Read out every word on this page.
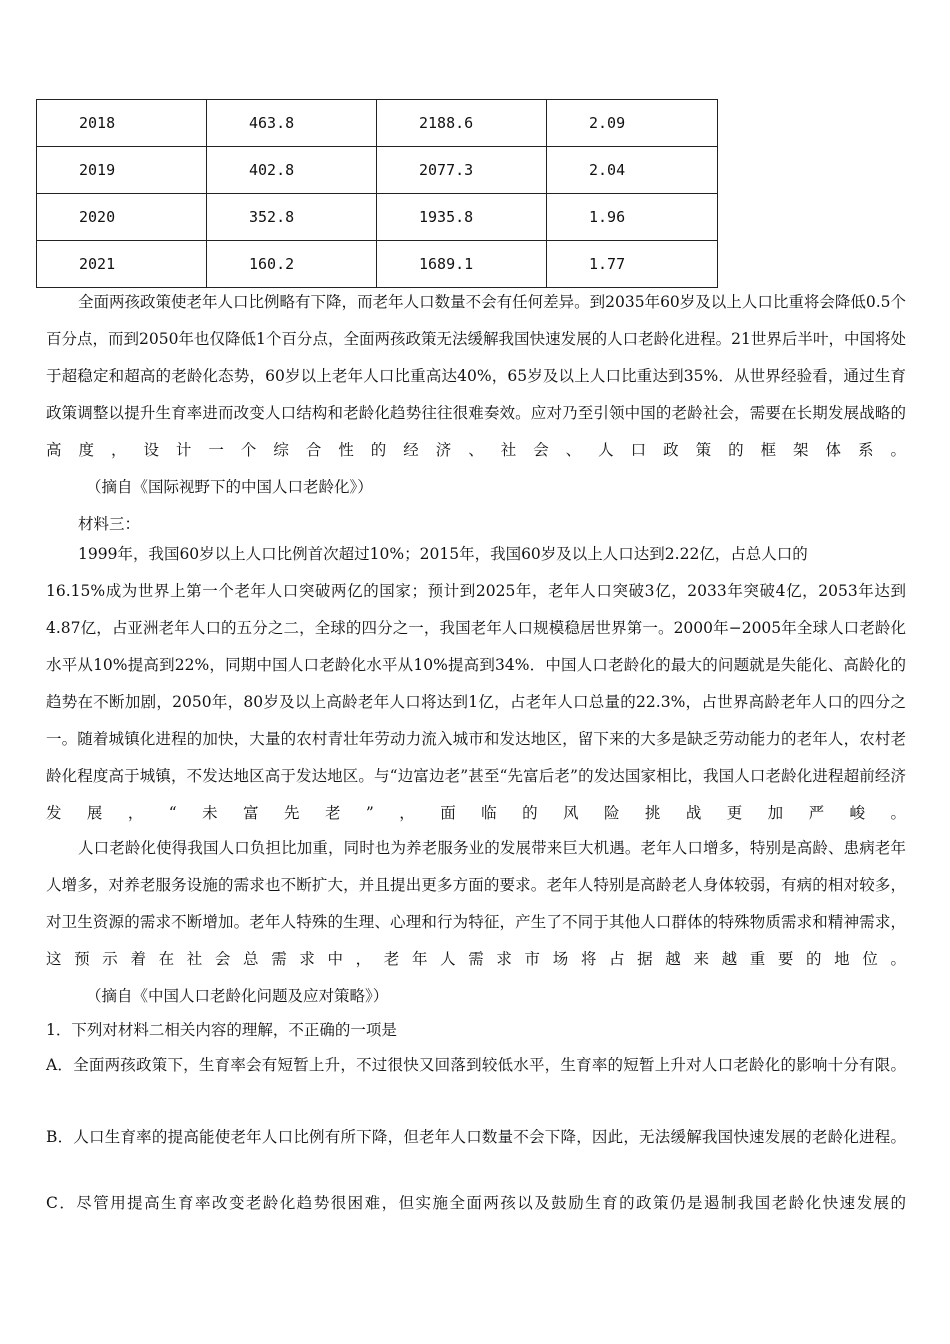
2018	463.8	2188.6	2.09
2019	402.8	2077.3	2.04
2020	352.8	1935.8	1.96
2021	160.2	1689.1	1.77

全面两孩政策使老年人口比例略有下降，而老年人口数量不会有任何差异。到2035年60岁及以上人口比重将会降低0.5个百分点，而到2050年也仅降低1个百分点，全面两孩政策无法缓解我国快速发展的人口老龄化进程。21世界后半叶，中国将处于超稳定和超高的老龄化态势，60岁以上老年人口比重高达40%，65岁及以上人口比重达到35%．从世界经验看，通过生育政策调整以提升生育率进而改变人口结构和老龄化趋势往往很难奏效。应对乃至引领中国的老龄社会，需要在长期发展战略的高度，设计一个综合性的经济、社会、人口政策的框架体系。

（摘自《国际视野下的中国人口老龄化》）

材料三：

1999年，我国60岁以上人口比例首次超过10%；2015年，我国60岁及以上人口达到2.22亿，占总人口的

16.15%成为世界上第一个老年人口突破两亿的国家；预计到2025年，老年人口突破3亿，2033年突破4亿，2053年达到4.87亿，占亚洲老年人口的五分之二，全球的四分之一，我国老年人口规模稳居世界第一。2000年−2005年全球人口老龄化水平从10%提高到22%，同期中国人口老龄化水平从10%提高到34%．中国人口老龄化的最大的问题就是失能化、高龄化的趋势在不断加剧，2050年，80岁及以上高龄老年人口将达到1亿，占老年人口总量的22.3%，占世界高龄老年人口的四分之一。随着城镇化进程的加快，大量的农村青壮年劳动力流入城市和发达地区，留下来的大多是缺乏劳动能力的老年人，农村老龄化程度高于城镇，不发达地区高于发达地区。与“边富边老”甚至“先富后老”的发达国家相比，我国人口老龄化进程超前经济发展，“未富先老”，面临的风险挑战更加严峻。

人口老龄化使得我国人口负担比加重，同时也为养老服务业的发展带来巨大机遇。老年人口增多，特别是高龄、患病老年人增多，对养老服务设施的需求也不断扩大，并且提出更多方面的要求。老年人特别是高龄老人身体较弱，有病的相对较多，对卫生资源的需求不断增加。老年人特殊的生理、心理和行为特征，产生了不同于其他人口群体的特殊物质需求和精神需求，这预示着在社会总需求中，老年人需求市场将占据越来越重要的地位。

（摘自《中国人口老龄化问题及应对策略》）

1．下列对材料二相关内容的理解，不正确的一项是

A．全面两孩政策下，生育率会有短暂上升，不过很快又回落到较低水平，生育率的短暂上升对人口老龄化的影响十分有限。

B．人口生育率的提高能使老年人口比例有所下降，但老年人口数量不会下降，因此，无法缓解我国快速发展的老龄化进程。

C．尽管用提高生育率改变老龄化趋势很困难，但实施全面两孩以及鼓励生育的政策仍是遏制我国老龄化快速发展的
